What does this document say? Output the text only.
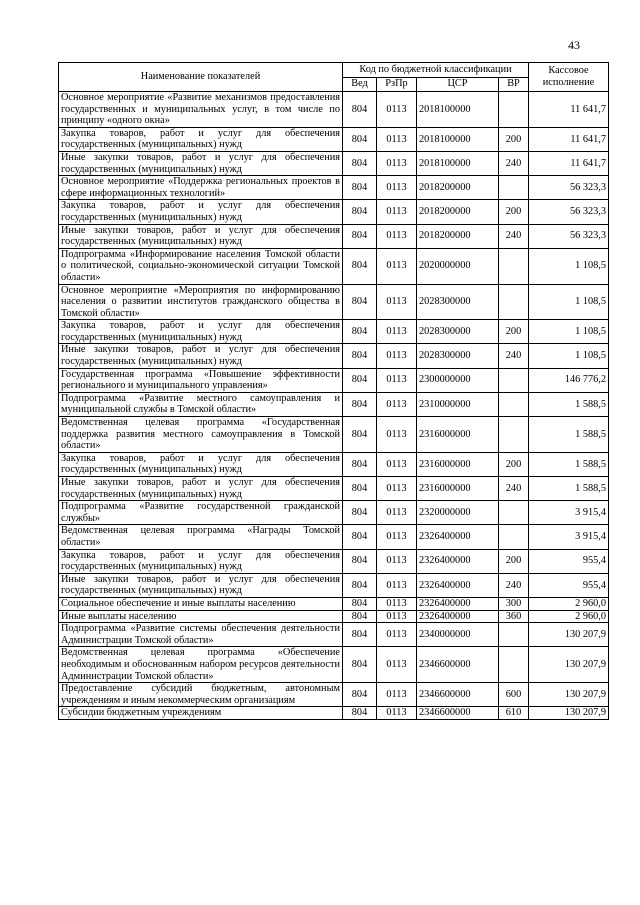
43
Наименование показателей	Код по бюджетной классификации				Кассовое исполнение
	Вед	РзПр	ЦСР	ВР	
Основное мероприятие «Развитие механизмов предоставления государственных и муниципальных услуг, в том числе по принципу «одного окна»	804	0113	2018100000		11 641,7
Закупка товаров, работ и услуг для обеспечения государственных (муниципальных) нужд	804	0113	2018100000	200	11 641,7
Иные закупки товаров, работ и услуг для обеспечения государственных (муниципальных) нужд	804	0113	2018100000	240	11 641,7
Основное мероприятие «Поддержка региональных проектов в сфере информационных технологий»	804	0113	2018200000		56 323,3
Закупка товаров, работ и услуг для обеспечения государственных (муниципальных) нужд	804	0113	2018200000	200	56 323,3
Иные закупки товаров, работ и услуг для обеспечения государственных (муниципальных) нужд	804	0113	2018200000	240	56 323,3
Подпрограмма «Информирование населения Томской области о политической, социально-экономической ситуации Томской области»	804	0113	2020000000		1 108,5
Основное мероприятие «Мероприятия по информированию населения о развитии институтов гражданского общества в Томской области»	804	0113	2028300000		1 108,5
Закупка товаров, работ и услуг для обеспечения государственных (муниципальных) нужд	804	0113	2028300000	200	1 108,5
Иные закупки товаров, работ и услуг для обеспечения государственных (муниципальных) нужд	804	0113	2028300000	240	1 108,5
Государственная программа «Повышение эффективности регионального и муниципального управления»	804	0113	2300000000		146 776,2
Подпрограмма «Развитие местного самоуправления и муниципальной службы в Томской области»	804	0113	2310000000		1 588,5
Ведомственная целевая программа «Государственная поддержка развития местного самоуправления в Томской области»	804	0113	2316000000		1 588,5
Закупка товаров, работ и услуг для обеспечения государственных (муниципальных) нужд	804	0113	2316000000	200	1 588,5
Иные закупки товаров, работ и услуг для обеспечения государственных (муниципальных) нужд	804	0113	2316000000	240	1 588,5
Подпрограмма «Развитие государственной гражданской службы»	804	0113	2320000000		3 915,4
Ведомственная целевая программа «Награды Томской области»	804	0113	2326400000		3 915,4
Закупка товаров, работ и услуг для обеспечения государственных (муниципальных) нужд	804	0113	2326400000	200	955,4
Иные закупки товаров, работ и услуг для обеспечения государственных (муниципальных) нужд	804	0113	2326400000	240	955,4
Социальное обеспечение и иные выплаты населению	804	0113	2326400000	300	2 960,0
Иные выплаты населению	804	0113	2326400000	360	2 960,0
Подпрограмма «Развитие системы обеспечения деятельности Администрации Томской области»	804	0113	2340000000		130 207,9
Ведомственная целевая программа «Обеспечение необходимым и обоснованным набором ресурсов деятельности Администрации Томской области»	804	0113	2346600000		130 207,9
Предоставление субсидий бюджетным, автономным учреждениям и иным некоммерческим организациям	804	0113	2346600000	600	130 207,9
Субсидии бюджетным учреждениям	804	0113	2346600000	610	130 207,9
